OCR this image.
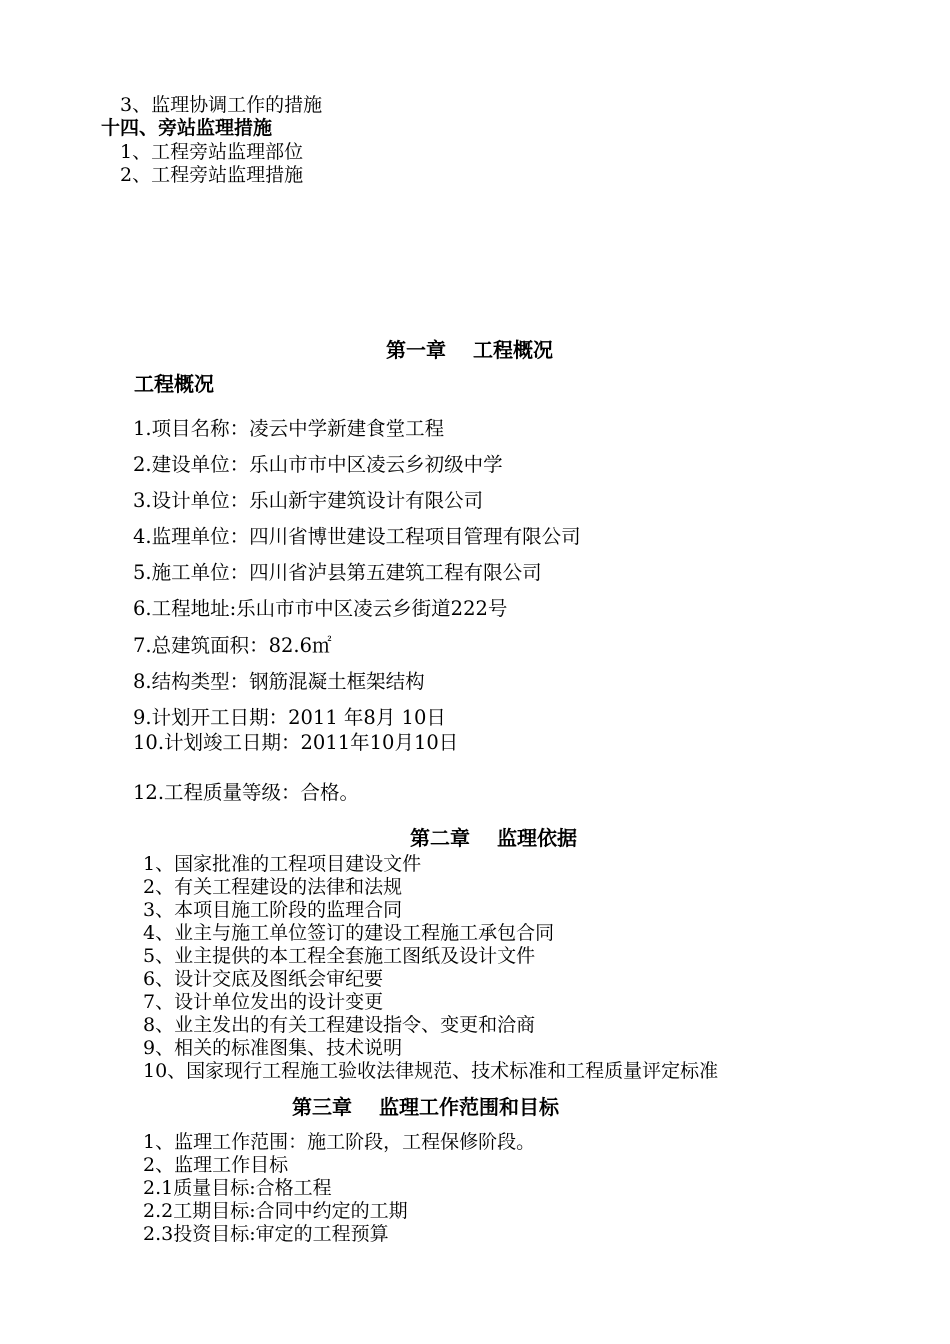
3、监理协调工作的措施
十四、旁站监理措施
1、工程旁站监理部位
2、工程旁站监理措施
第一章　 工程概况
工程概况
1.项目名称：凌云中学新建食堂工程
2.建设单位：乐山市市中区凌云乡初级中学
3.设计单位：乐山新宇建筑设计有限公司
4.监理单位：四川省博世建设工程项目管理有限公司
5.施工单位：四川省泸县第五建筑工程有限公司
6.工程地址:乐山市市中区凌云乡街道222号
7.总建筑面积：82.6㎡
8.结构类型：钢筋混凝土框架结构
9.计划开工日期：2011 年8月 10日
10.计划竣工日期：2011年10月10日
12.工程质量等级：合格。
第二章　 监理依据
1、国家批准的工程项目建设文件
2、有关工程建设的法律和法规
3、本项目施工阶段的监理合同
4、业主与施工单位签订的建设工程施工承包合同
5、业主提供的本工程全套施工图纸及设计文件
6、设计交底及图纸会审纪要
7、设计单位发出的设计变更
8、业主发出的有关工程建设指令、变更和洽商
9、相关的标准图集、技术说明
10、国家现行工程施工验收法律规范、技术标准和工程质量评定标准
第三章　 监理工作范围和目标
1、监理工作范围：施工阶段，工程保修阶段。
2、监理工作目标
2.1质量目标:合格工程
2.2工期目标:合同中约定的工期
2.3投资目标:审定的工程预算
